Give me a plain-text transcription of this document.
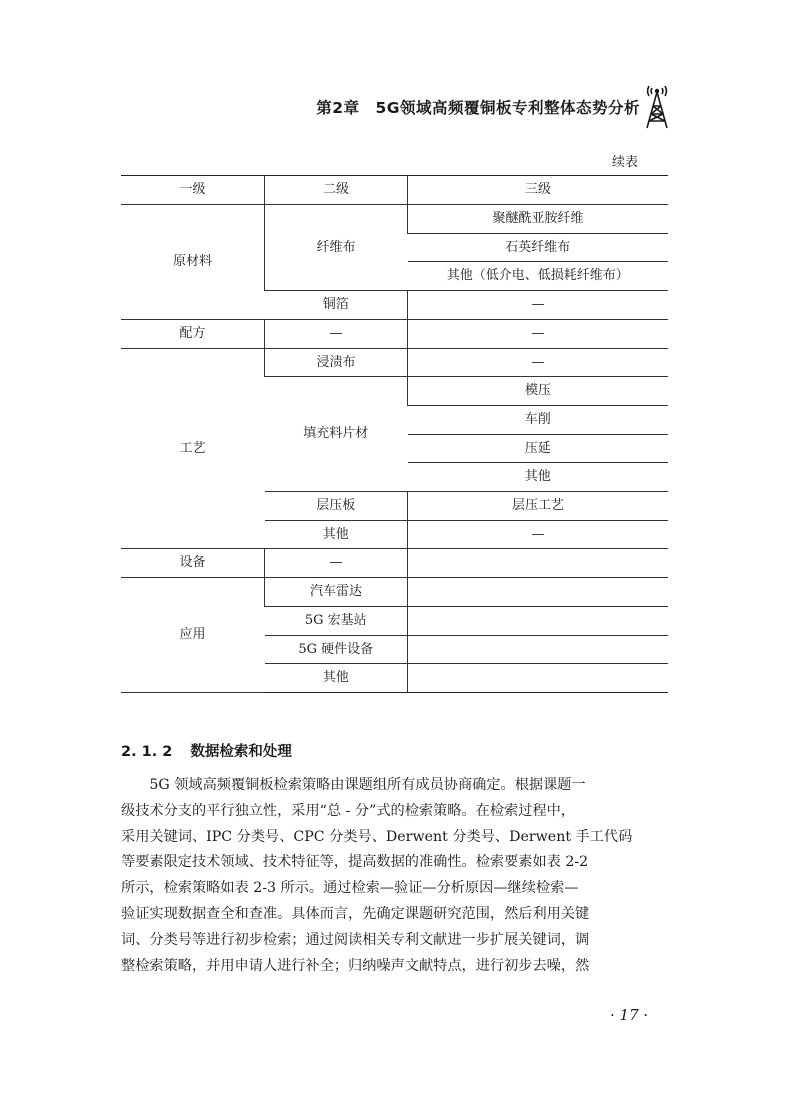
第2章　5G领域高频覆铜板专利整体态势分析
续表
一级	二级	三级
原材料	纤维布	聚醚酰亚胺纤维
		石英纤维布
		其他（低介电、低损耗纤维布）
	铜箔	—
配方	—	—
工艺	浸渍布	—
	填充料片材	模压
		车削
		压延
		其他
	层压板	层压工艺
	其他	—
设备	—	
应用	汽车雷达	
	5G 宏基站	
	5G 硬件设备	
	其他	
2. 1. 2 数据检索和处理
　　5G 领域高频覆铜板检索策略由课题组所有成员协商确定。根据课题一
级技术分支的平行独立性，采用“总 - 分”式的检索策略。在检索过程中，
采用关键词、IPC 分类号、CPC 分类号、Derwent 分类号、Derwent 手工代码
等要素限定技术领域、技术特征等，提高数据的准确性。检索要素如表 2-2
所示，检索策略如表 2-3 所示。通过检索—验证—分析原因—继续检索—
验证实现数据查全和查准。具体而言，先确定课题研究范围，然后利用关键
词、分类号等进行初步检索；通过阅读相关专利文献进一步扩展关键词，调
整检索策略，并用申请人进行补全；归纳噪声文献特点，进行初步去噪，然
· 17 ·
